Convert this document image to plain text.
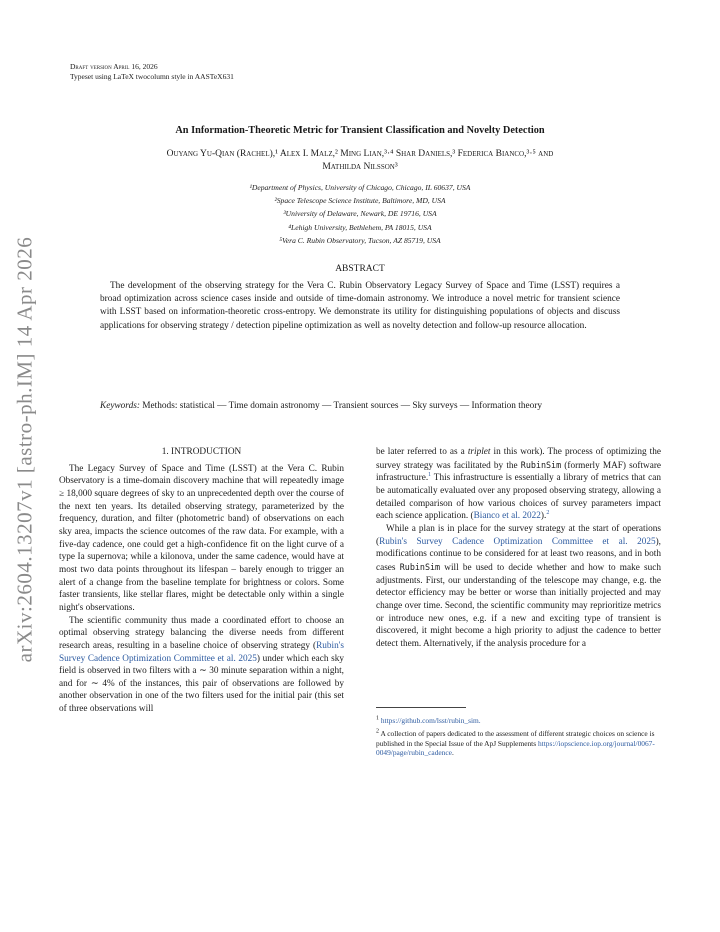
Draft version April 16, 2026
Typeset using LaTeX twocolumn style in AASTeX631
arXiv:2604.13207v1 [astro-ph.IM] 14 Apr 2026
An Information-Theoretic Metric for Transient Classification and Novelty Detection
Ouyang Yu-Qian (Rachel),¹ Alex I. Malz,² Ming Lian,³·⁴ Shar Daniels,³ Federica Bianco,³·⁵ and
Mathilda Nilsson³
¹Department of Physics, University of Chicago, Chicago, IL 60637, USA
²Space Telescope Science Institute, Baltimore, MD, USA
³University of Delaware, Newark, DE 19716, USA
⁴Lehigh University, Bethlehem, PA 18015, USA
⁵Vera C. Rubin Observatory, Tucson, AZ 85719, USA
ABSTRACT
The development of the observing strategy for the Vera C. Rubin Observatory Legacy Survey of Space and Time (LSST) requires a broad optimization across science cases inside and outside of time-domain astronomy. We introduce a novel metric for transient science with LSST based on information-theoretic cross-entropy. We demonstrate its utility for distinguishing populations of objects and discuss applications for observing strategy / detection pipeline optimization as well as novelty detection and follow-up resource allocation.
Keywords: Methods: statistical — Time domain astronomy — Transient sources — Sky surveys — Information theory
1. INTRODUCTION

The Legacy Survey of Space and Time (LSST) at the Vera C. Rubin Observatory is a time-domain discovery machine that will repeatedly image ≥ 18,000 square degrees of sky to an unprecedented depth over the course of the next ten years. Its detailed observing strategy, parameterized by the frequency, duration, and filter (photometric band) of observations on each sky area, impacts the science outcomes of the raw data. For example, with a five-day cadence, one could get a high-confidence fit on the light curve of a type Ia supernova; while a kilonova, under the same cadence, would have at most two data points throughout its lifespan – barely enough to trigger an alert of a change from the baseline template for brightness or colors. Some faster transients, like stellar flares, might be detectable only within a single night's observations.

The scientific community thus made a coordinated effort to choose an optimal observing strategy balancing the diverse needs from different research areas, resulting in a baseline choice of observing strategy (Rubin's Survey Cadence Optimization Committee et al. 2025) under which each sky field is observed in two filters with a ∼ 30 minute separation within a night, and for ∼ 4% of the instances, this pair of observations are followed by another observation in one of the two filters used for the initial pair (this set of three observations will

be later referred to as a triplet in this work). The process of optimizing the survey strategy was facilitated by the RubinSim (formerly MAF) software infrastructure.$^1$ This infrastructure is essentially a library of metrics that can be automatically evaluated over any proposed observing strategy, allowing a detailed comparison of how various choices of survey parameters impact each science application. (Bianco et al. 2022).$^2$

While a plan is in place for the survey strategy at the start of operations (Rubin's Survey Cadence Optimization Committee et al. 2025), modifications continue to be considered for at least two reasons, and in both cases RubinSim will be used to decide whether and how to make such adjustments. First, our understanding of the telescope may change, e.g. the detector efficiency may be better or worse than initially projected and may change over time. Second, the scientific community may reprioritize metrics or introduce new ones, e.g. if a new and exciting type of transient is discovered, it might become a high priority to adjust the cadence to better detect them. Alternatively, if the analysis procedure for a

$^1$ https://github.com/lsst/rubin_sim.
$^2$ A collection of papers dedicated to the assessment of different strategic choices on science is published in the Special Issue of the ApJ Supplements https://iopscience.iop.org/journal/0067-0049/page/rubin_cadence.
